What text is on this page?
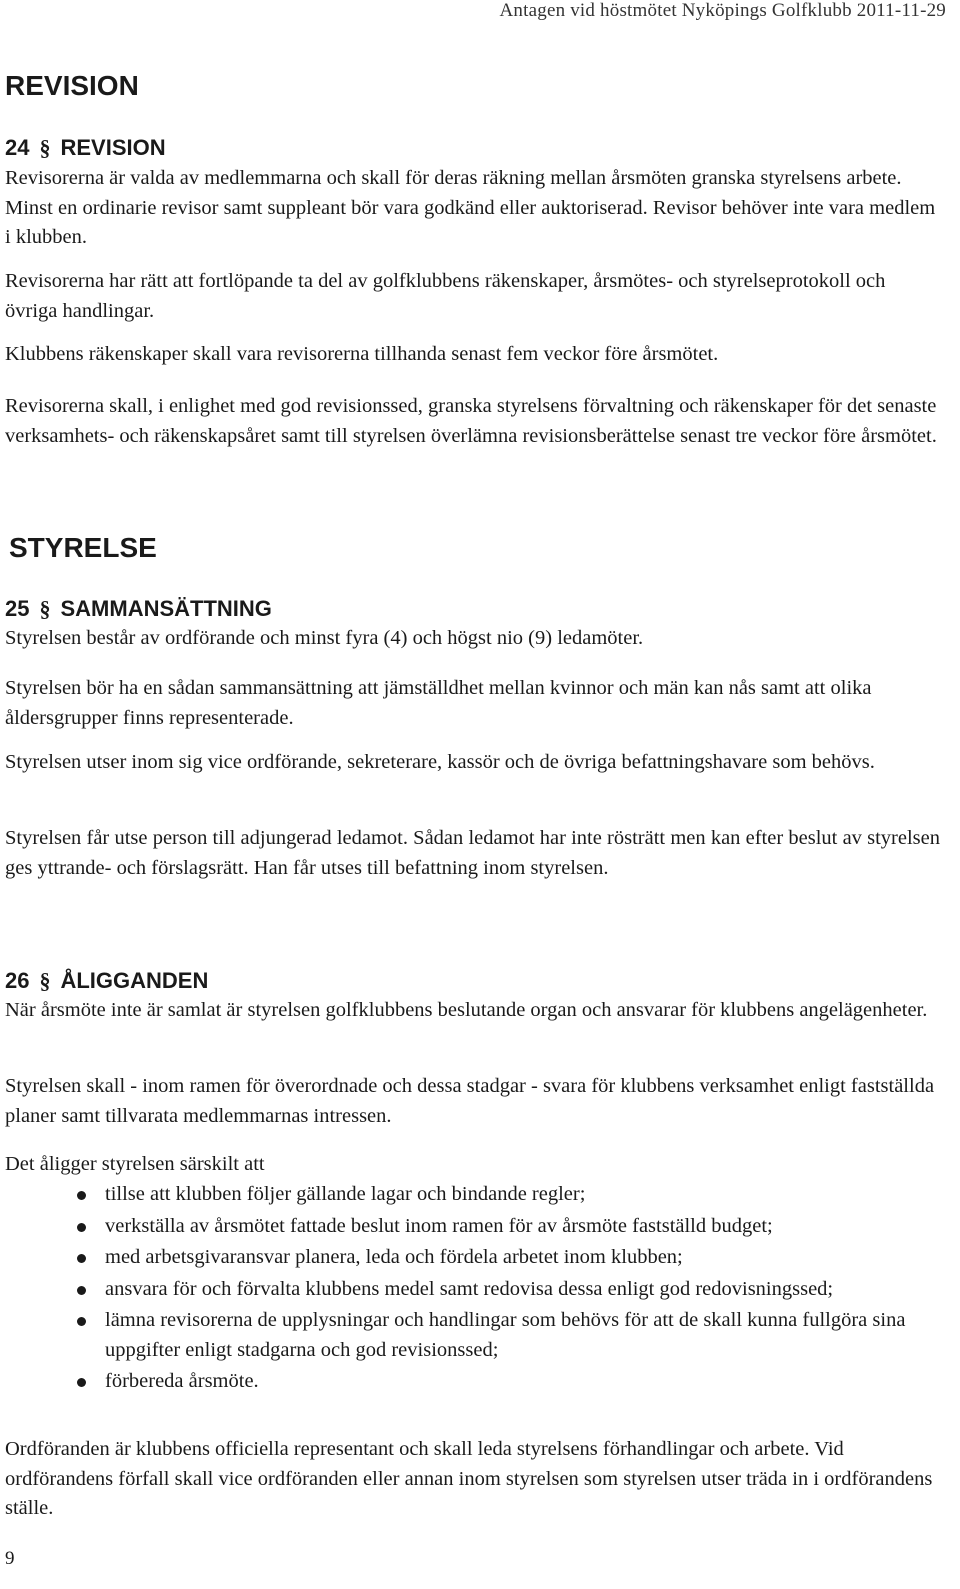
Antagen vid höstmötet Nyköpings Golfklubb 2011-11-29
REVISION
24 § REVISION

Revisorerna är valda av medlemmarna och skall för deras räkning mellan årsmöten granska styrelsens arbete. Minst en ordinarie revisor samt suppleant bör vara godkänd eller auktoriserad. Revisor behöver inte vara medlem i klubben.

Revisorerna har rätt att fortlöpande ta del av golfklubbens räkenskaper, årsmötes- och styrelseprotokoll och övriga handlingar.

Klubbens räkenskaper skall vara revisorerna tillhanda senast fem veckor före årsmötet.

Revisorerna skall, i enlighet med god revisionssed, granska styrelsens förvaltning och räkenskaper för det senaste verksamhets- och räkenskapsåret samt till styrelsen överlämna revisionsberättelse senast tre veckor före årsmötet.

STYRELSE
25 § SAMMANSÄTTNING

Styrelsen består av ordförande och minst fyra (4) och högst nio (9) ledamöter.

Styrelsen bör ha en sådan sammansättning att jämställdhet mellan kvinnor och män kan nås samt att olika åldersgrupper finns representerade.

Styrelsen utser inom sig vice ordförande, sekreterare, kassör och de övriga befattningshavare som behövs.

Styrelsen får utse person till adjungerad ledamot. Sådan ledamot har inte rösträtt men kan efter beslut av styrelsen ges yttrande- och förslagsrätt. Han får utses till befattning inom styrelsen.

26 § ÅLIGGANDEN

När årsmöte inte är samlat är styrelsen golfklubbens beslutande organ och ansvarar för klubbens angelägenheter.

Styrelsen skall - inom ramen för överordnade och dessa stadgar - svara för klubbens verksamhet enligt fastställda planer samt tillvarata medlemmarnas intressen.

Det åligger styrelsen särskilt att

tillse att klubben följer gällande lagar och bindande regler;
verkställa av årsmötet fattade beslut inom ramen för av årsmöte fastställd budget;
med arbetsgivaransvar planera, leda och fördela arbetet inom klubben;
ansvara för och förvalta klubbens medel samt redovisa dessa enligt god redovisningssed;
lämna revisorerna de upplysningar och handlingar som behövs för att de skall kunna fullgöra sina uppgifter enligt stadgarna och god revisionssed;
förbereda årsmöte.

Ordföranden är klubbens officiella representant och skall leda styrelsens förhandlingar och arbete. Vid ordförandens förfall skall vice ordföranden eller annan inom styrelsen som styrelsen utser träda in i ordförandens ställe.

9
